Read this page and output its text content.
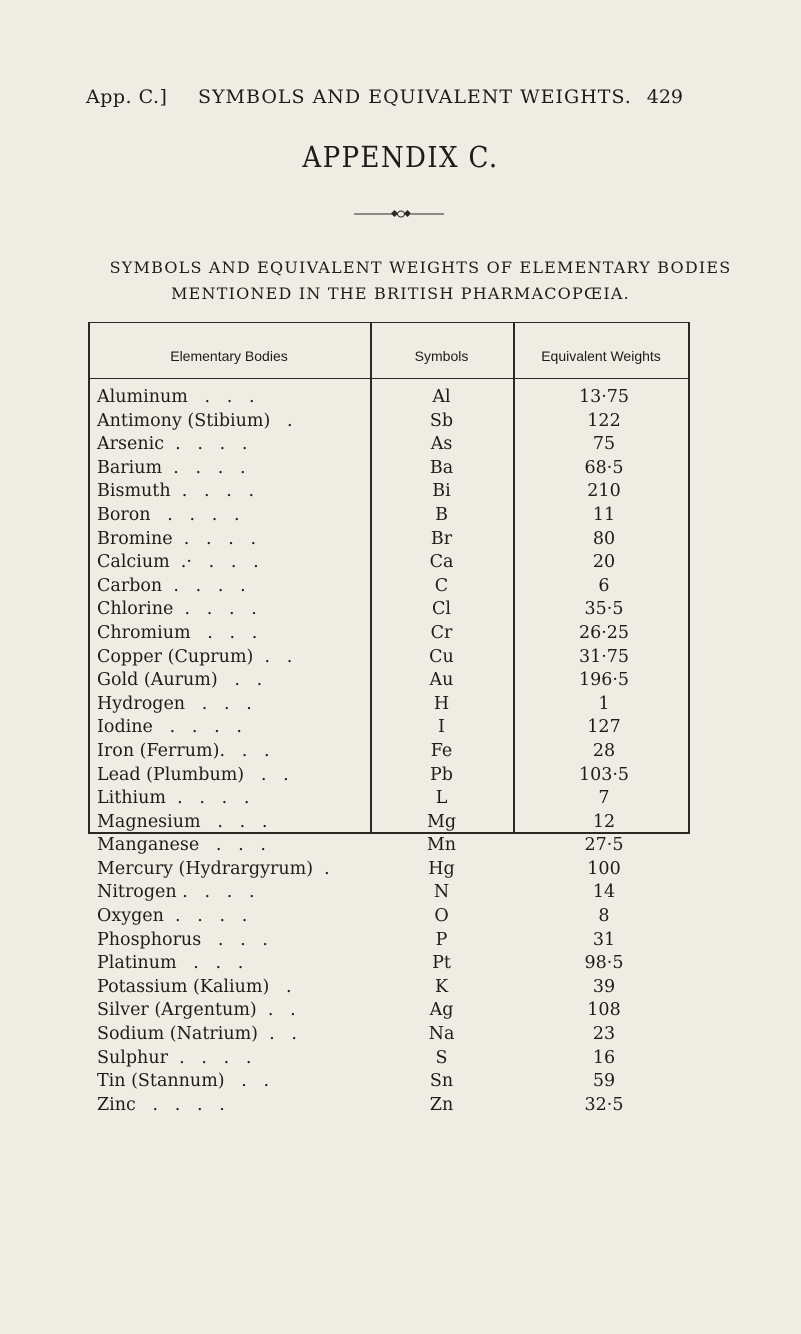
App. C.] SYMBOLS AND EQUIVALENT WEIGHTS. 429
APPENDIX C.
SYMBOLS AND EQUIVALENT WEIGHTS OF ELEMENTARY BODIES
MENTIONED IN THE BRITISH PHARMACOPŒIA.
Elementary Bodies	Symbols	Equivalent Weights
Aluminum   .   .   .	Al	13·75
Antimony (Stibium)   .	Sb	122
Arsenic  .   .   .   .	As	75
Barium  .   .   .   .	Ba	68·5
Bismuth  .   .   .   .	Bi	210
Boron   .   .   .   .	B	11
Bromine  .   .   .   .	Br	80
Calcium  .·   .   .   .	Ca	20
Carbon  .   .   .   .	C	6
Chlorine  .   .   .   .	Cl	35·5
Chromium   .   .   .	Cr	26·25
Copper (Cuprum)  .   .	Cu	31·75
Gold (Aurum)   .   .	Au	196·5
Hydrogen   .   .   .	H	1
Iodine   .   .   .   .	I	127
Iron (Ferrum).   .   .	Fe	28
Lead (Plumbum)   .   .	Pb	103·5
Lithium  .   .   .   .	L	7
Magnesium   .   .   .	Mg	12
Manganese   .   .   .	Mn	27·5
Mercury (Hydrargyrum)  .	Hg	100
Nitrogen .   .   .   .	N	14
Oxygen  .   .   .   .	O	8
Phosphorus   .   .   .	P	31
Platinum   .   .   .	Pt	98·5
Potassium (Kalium)   .	K	39
Silver (Argentum)  .   .	Ag	108
Sodium (Natrium)  .   .	Na	23
Sulphur  .   .   .   .	S	16
Tin (Stannum)   .   .	Sn	59
Zinc   .   .   .   .	Zn	32·5
